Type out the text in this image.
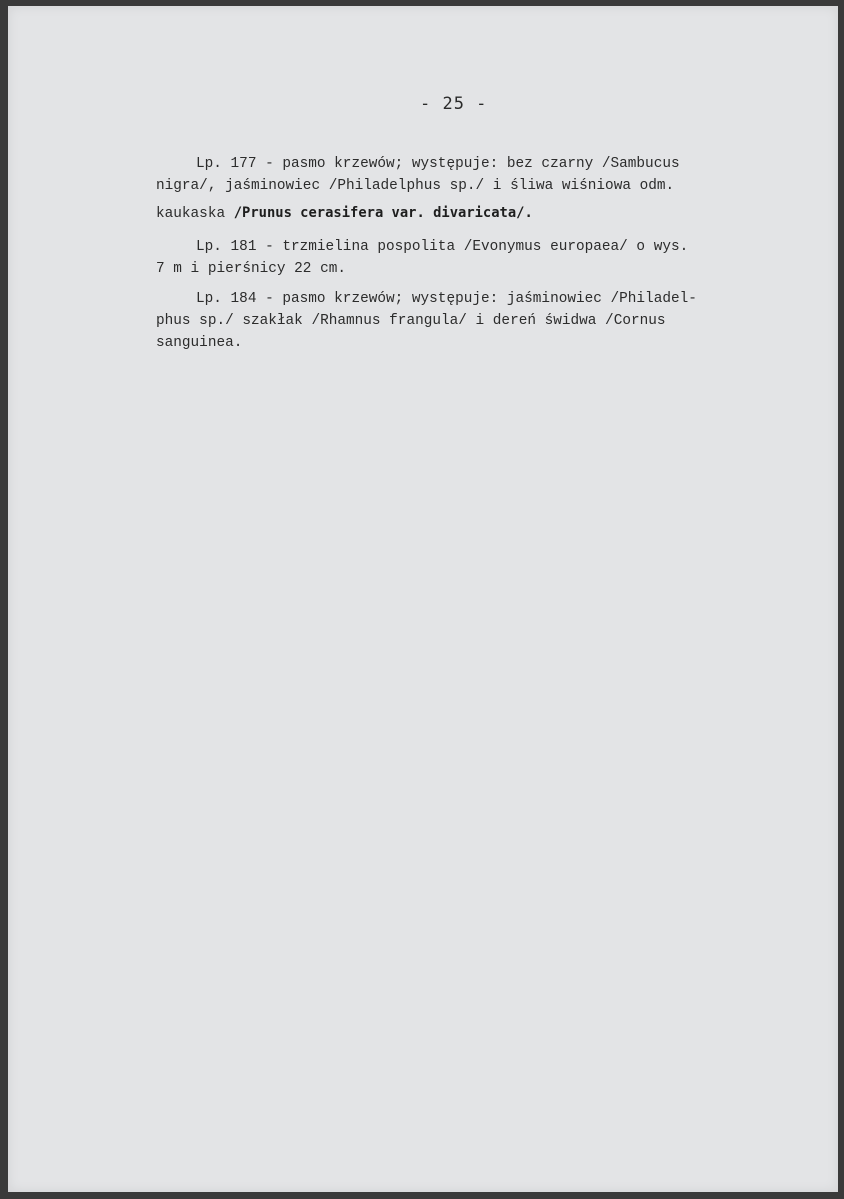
- 25 -
Lp. 177 - pasmo krzewów; występuje: bez czarny /Sambucus
nigra/, jaśminowiec /Philadelphus sp./ i śliwa wiśniowa odm.
kaukaska /Prunus cerasifera var. divaricata/.
Lp. 181 - trzmielina pospolita /Evonymus europaea/ o wys.
7 m i pierśnicy 22 cm.
Lp. 184 - pasmo krzewów; występuje: jaśminowiec /Philadel-
phus sp./ szakłak /Rhamnus frangula/ i dereń świdwa /Cornus
sanguinea.
